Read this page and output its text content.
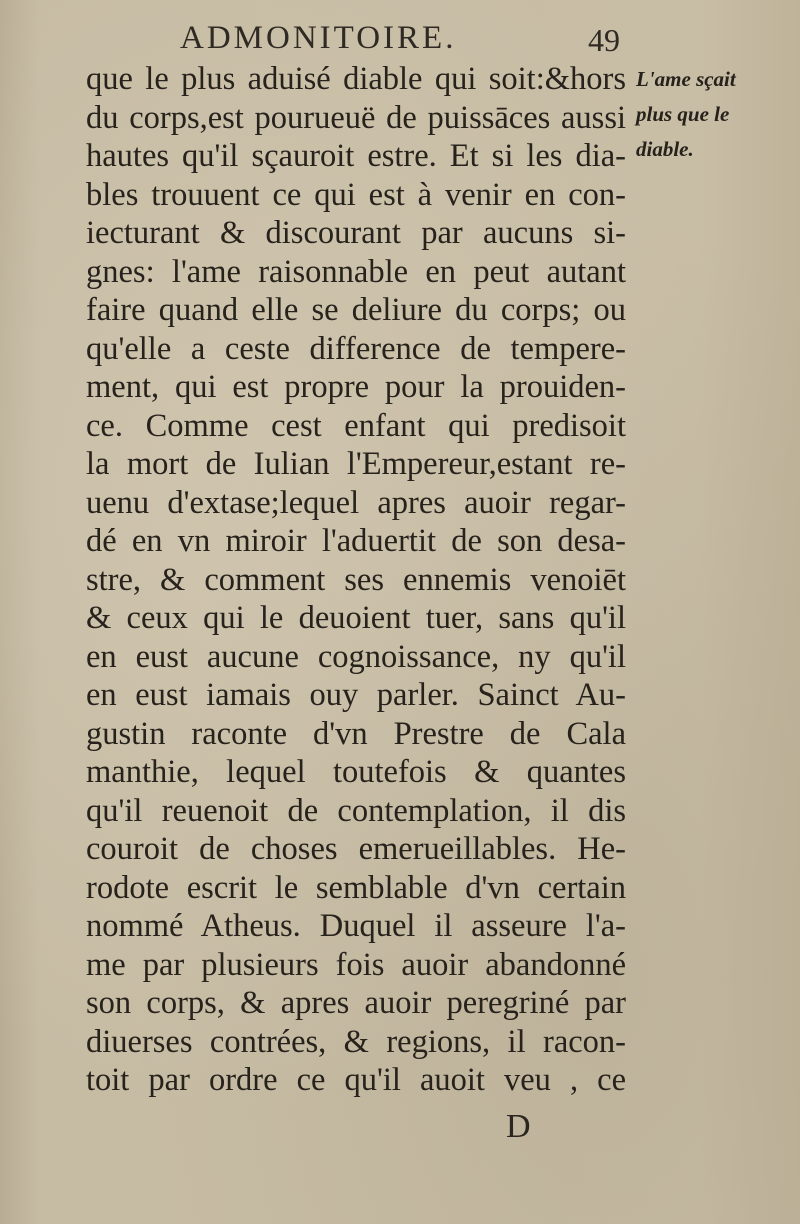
ADMONITOIRE.	49
que le plus aduisé diable qui soit:&hors
du corps,est pourueuë de puissāces aussi
hautes qu'il sçauroit estre. Et si les dia-
bles trouuent ce qui est à venir en con-
iecturant & discourant par aucuns si-
gnes: l'ame raisonnable en peut autant
faire quand elle se deliure du corps; ou
qu'elle a ceste difference de tempere-
ment, qui est propre pour la prouiden-
ce. Comme cest enfant qui predisoit
la mort de Iulian l'Empereur,estant re-
uenu d'extase;lequel apres auoir regar-
dé en vn miroir l'aduertit de son desa-
stre, & comment ses ennemis venoiēt
& ceux qui le deuoient tuer, sans qu'il
en eust aucune cognoissance, ny qu'il
en eust iamais ouy parler. Sainct Au-
gustin raconte d'vn Prestre de Cala
manthie, lequel toutefois & quantes
qu'il reuenoit de contemplation, il dis
couroit de choses emerueillables. He-
rodote escrit le semblable d'vn certain
nommé Atheus. Duquel il asseure l'a-
me par plusieurs fois auoir abandonné
son corps, & apres auoir peregriné par
diuerses contrées, & regions, il racon-
toit par ordre ce qu'il auoit veu , ce
L'ame sçait
plus que le
diable.
D
